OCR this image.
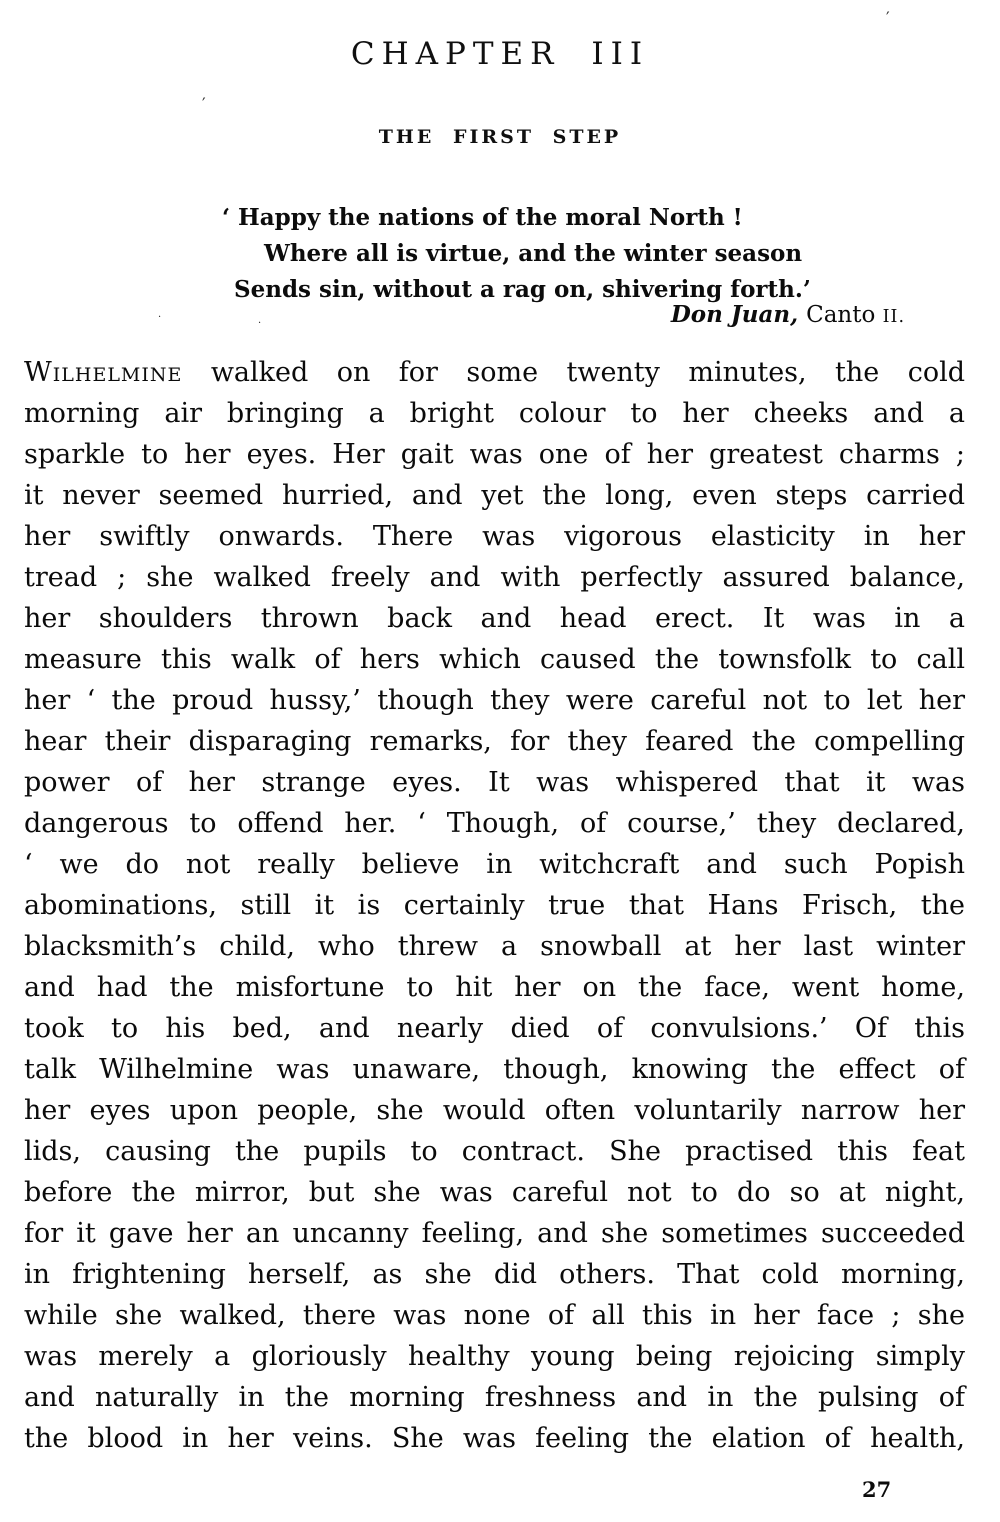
′
′
·
·
CHAPTER III
THE FIRST STEP
‘ Happy the nations of the moral North !
Where all is virtue, and the winter season
Sends sin, without a rag on, shivering forth.’
Don Juan, Canto II.
Wilhelmine walked on for some twenty minutes, the cold
morning air bringing a bright colour to her cheeks and a
sparkle to her eyes. Her gait was one of her greatest charms ;
it never seemed hurried, and yet the long, even steps carried
her swiftly onwards. There was vigorous elasticity in her
tread ; she walked freely and with perfectly assured balance,
her shoulders thrown back and head erect. It was in a
measure this walk of hers which caused the townsfolk to call
her ‘ the proud hussy,’ though they were careful not to let her
hear their disparaging remarks, for they feared the compelling
power of her strange eyes. It was whispered that it was
dangerous to offend her. ‘ Though, of course,’ they declared,
‘ we do not really believe in witchcraft and such Popish
abominations, still it is certainly true that Hans Frisch, the
blacksmith’s child, who threw a snowball at her last winter
and had the misfortune to hit her on the face, went home,
took to his bed, and nearly died of convulsions.’ Of this
talk Wilhelmine was unaware, though, knowing the effect of
her eyes upon people, she would often voluntarily narrow her
lids, causing the pupils to contract. She practised this feat
before the mirror, but she was careful not to do so at night,
for it gave her an uncanny feeling, and she sometimes succeeded
in frightening herself, as she did others. That cold morning,
while she walked, there was none of all this in her face ; she
was merely a gloriously healthy young being rejoicing simply
and naturally in the morning freshness and in the pulsing of
the blood in her veins. She was feeling the elation of health,
27
